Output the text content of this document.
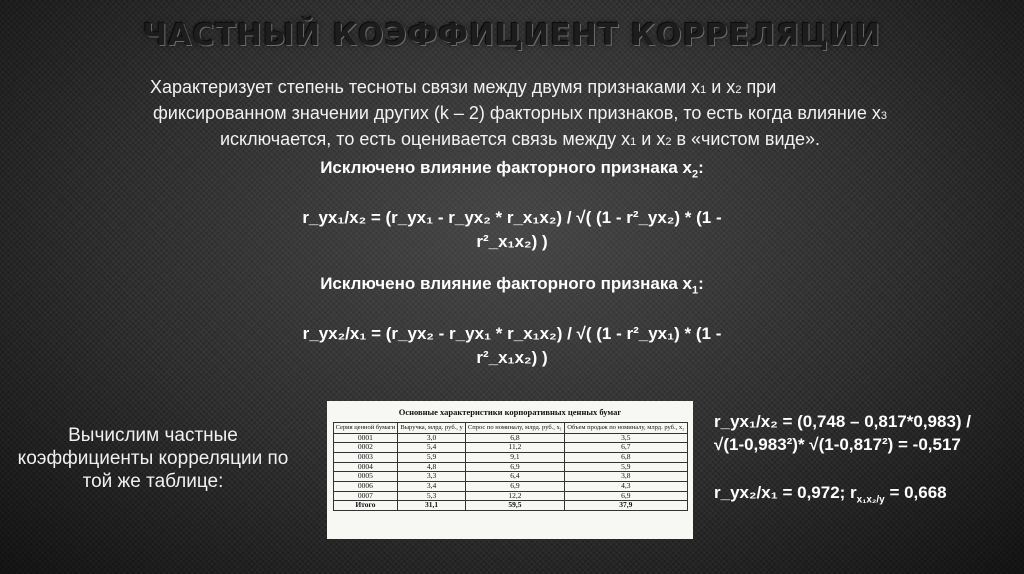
ЧАСТНЫЙ КОЭФФИЦИЕНТ КОРРЕЛЯЦИИ
Характеризует степень тесноты связи между двумя признаками х1 и х2 при
фиксированном значении других (k – 2) факторных признаков, то есть когда влияние х3
исключается, то есть оценивается связь между х1 и х2 в «чистом виде».
Исключено влияние факторного признака $x_2$:
r_yx₁/x₂ = (r_yx₁ - r_yx₂ * r_x₁x₂) / √( (1 - r²_yx₂) * (1 -
r²_x₁x₂) )
Исключено влияние факторного признака $x_1$:
r_yx₂/x₁ = (r_yx₂ - r_yx₁ * r_x₁x₂) / √( (1 - r²_yx₁) * (1 -
r²_x₁x₂) )
Вычислим частные коэффициенты корреляции по той же таблице:
Основные характеристики корпоративных ценных бумаг
Серия ценной бумаги	Выручка, млрд. руб., у	Спрос по номиналу, млрд. руб., x₁	Объем продаж по номиналу, млрд. руб., x₂
0001	3,0	6,8	3,5
0002	5,4	11,2	6,7
0003	5,9	9,1	6,8
0004	4,8	6,9	5,9
0005	3,3	6,4	3,8
0006	3,4	6,9	4,3
0007	5,3	12,2	6,9
Итого	31,1	59,5	37,9
r_yx₁/x₂ = (0,748 – 0,817*0,983) /
√(1-0,983²)* √(1-0,817²) = -0,517
r_yx₂/x₁ = 0,972; $r_{x_1x_2/y} = 0,668$
